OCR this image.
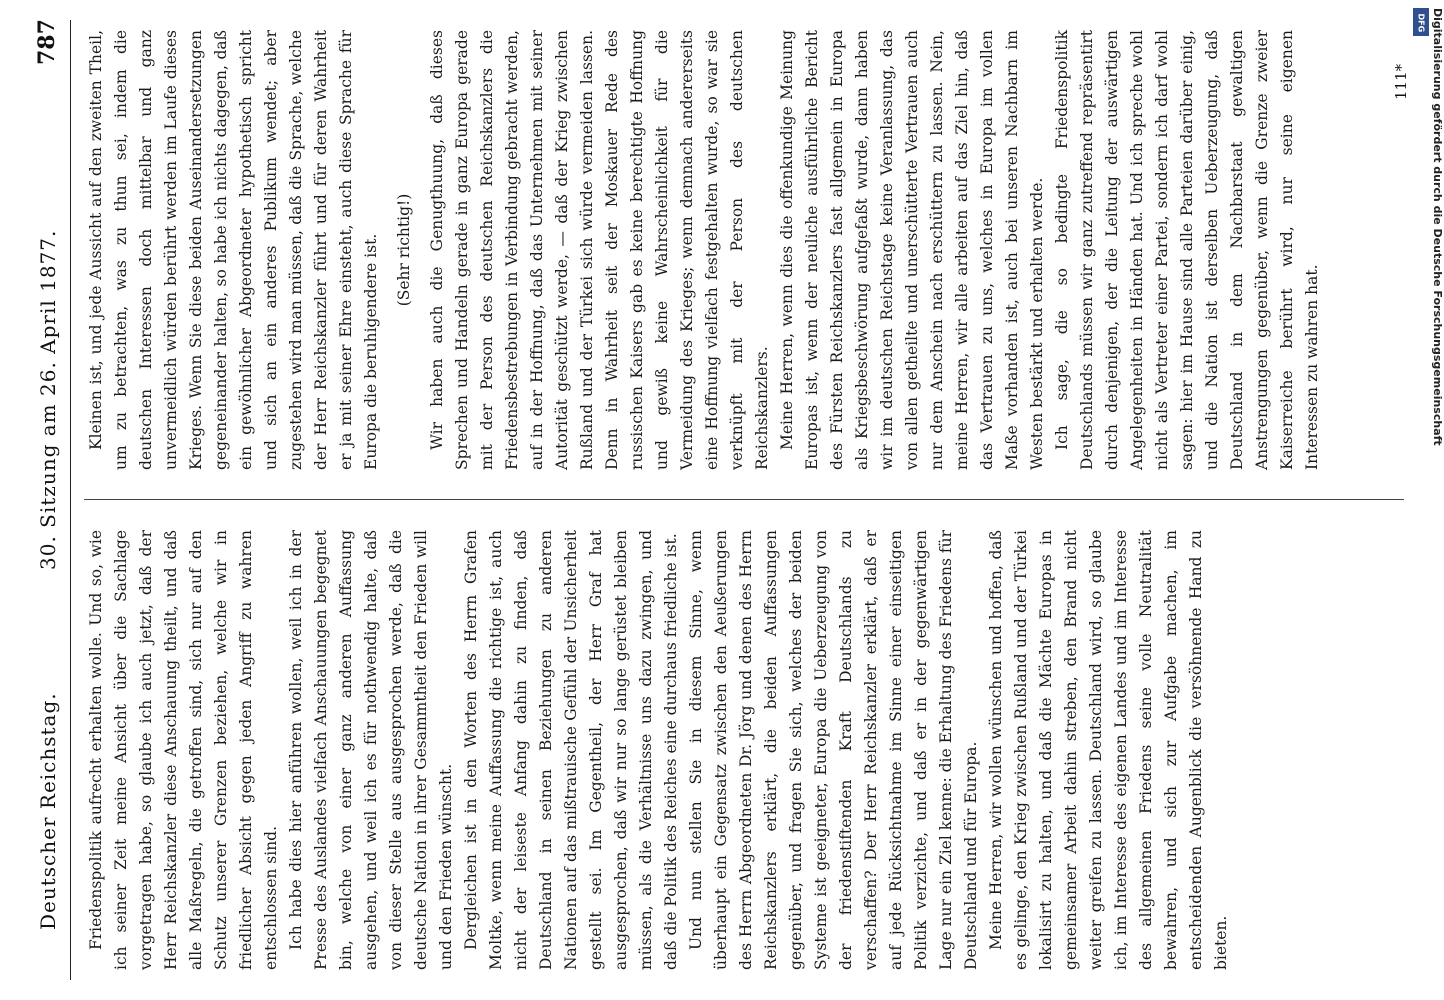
Deutscher Reichstag.
30. Sitzung am 26. April 1877.
787

Friedenspolitik aufrecht erhalten wolle. Und so, wie ich seiner Zeit meine Ansicht über die Sachlage vorgetragen habe, so glaube ich auch jetzt, daß der Herr Reichskanzler diese Anschauung theilt, und daß alle Maßregeln, die getroffen sind, sich nur auf den Schutz unserer Grenzen beziehen, welche wir in friedlicher Absicht gegen jeden Angriff zu wahren entschlossen sind. Ich habe dies hier anführen wollen, weil ich in der Presse des Auslandes vielfach Anschauungen begegnet bin, welche von einer ganz anderen Auffassung ausgehen, und weil ich es für nothwendig halte, daß von dieser Stelle aus ausgesprochen werde, daß die deutsche Nation in ihrer Gesammtheit den Frieden will und den Frieden wünscht. Dergleichen ist in den Worten des Herrn Grafen Moltke, wenn meine Auffassung die richtige ist, auch nicht der leiseste Anfang dahin zu finden, daß Deutschland in seinen Beziehungen zu anderen Nationen auf das mißtrauische Gefühl der Unsicherheit gestellt sei. Im Gegentheil, der Herr Graf hat ausgesprochen, daß wir nur so lange gerüstet bleiben müssen, als die Verhältnisse uns dazu zwingen, und daß die Politik des Reiches eine durchaus friedliche ist. Und nun stellen Sie in diesem Sinne, wenn überhaupt ein Gegensatz zwischen den Aeußerungen des Herrn Abgeordneten Dr. Jörg und denen des Herrn Reichskanzlers erklärt, die beiden Auffassungen gegenüber, und fragen Sie sich, welches der beiden Systeme ist geeigneter, Europa die Ueberzeugung von der friedenstiftenden Kraft Deutschlands zu verschaffen? Der Herr Reichskanzler erklärt, daß er auf jede Rücksichtnahme im Sinne einer einseitigen Politik verzichte, und daß er in der gegenwärtigen Lage nur ein Ziel kenne: die Erhaltung des Friedens für Deutschland und für Europa. Meine Herren, wir wollen wünschen und hoffen, daß es gelinge, den Krieg zwischen Rußland und der Türkei lokalisirt zu halten, und daß die Mächte Europas in gemeinsamer Arbeit dahin streben, den Brand nicht weiter greifen zu lassen. Deutschland wird, so glaube ich, im Interesse des eigenen Landes und im Interesse des allgemeinen Friedens seine volle Neutralität bewahren, und sich zur Aufgabe machen, im entscheidenden Augenblick die versöhnende Hand zu bieten.

Kleinen ist, und jede Aussicht auf den zweiten Theil, um zu betrachten, was zu thun sei, indem die deutschen Interessen doch mittelbar und ganz unvermeidlich würden berührt werden im Laufe dieses Krieges. Wenn Sie diese beiden Auseinandersetzungen gegeneinander halten, so habe ich nichts dagegen, daß ein gewöhnlicher Abgeordneter hypothetisch spricht und sich an ein anderes Publikum wendet; aber zugestehen wird man müssen, daß die Sprache, welche der Herr Reichskanzler führt und für deren Wahrheit er ja mit seiner Ehre einsteht, auch diese Sprache für Europa die beruhigendere ist. (Sehr richtig!) Wir haben auch die Genugthuung, daß dieses Sprechen und Handeln gerade in ganz Europa gerade mit der Person des deutschen Reichskanzlers die Friedensbestrebungen in Verbindung gebracht werden, auf in der Hoffnung, daß das Unternehmen mit seiner Autorität geschützt werde, — daß der Krieg zwischen Rußland und der Türkei sich würde vermeiden lassen. Denn in Wahrheit seit der Moskauer Rede des russischen Kaisers gab es keine berechtigte Hoffnung und gewiß keine Wahrscheinlichkeit für die Vermeidung des Krieges; wenn demnach andererseits eine Hoffnung vielfach festgehalten wurde, so war sie verknüpft mit der Person des deutschen Reichskanzlers. Meine Herren, wenn dies die offenkundige Meinung Europas ist, wenn der neuliche ausführliche Bericht des Fürsten Reichskanzlers fast allgemein in Europa als Kriegsbeschwörung aufgefaßt wurde, dann haben wir im deutschen Reichstage keine Veranlassung, das von allen getheilte und unerschütterte Vertrauen auch nur dem Anschein nach erschüttern zu lassen. Nein, meine Herren, wir alle arbeiten auf das Ziel hin, daß das Vertrauen zu uns, welches in Europa im vollen Maße vorhanden ist, auch bei unseren Nachbarn im Westen bestärkt und erhalten werde. Ich sage, die so bedingte Friedenspolitik Deutschlands müssen wir ganz zutreffend repräsentirt durch denjenigen, der die Leitung der auswärtigen Angelegenheiten in Händen hat. Und ich spreche wohl nicht als Vertreter einer Partei, sondern ich darf wohl sagen: hier im Hause sind alle Parteien darüber einig, und die Nation ist derselben Ueberzeugung, daß Deutschland in dem Nachbarstaat gewaltigen Anstrengungen gegenüber, wenn die Grenze zweier Kaiserreiche berührt wird, nur seine eigenen Interessen zu wahren hat.

111*
DFG Digitalisierung gefördert durch die Deutsche Forschungsgemeinschaft
